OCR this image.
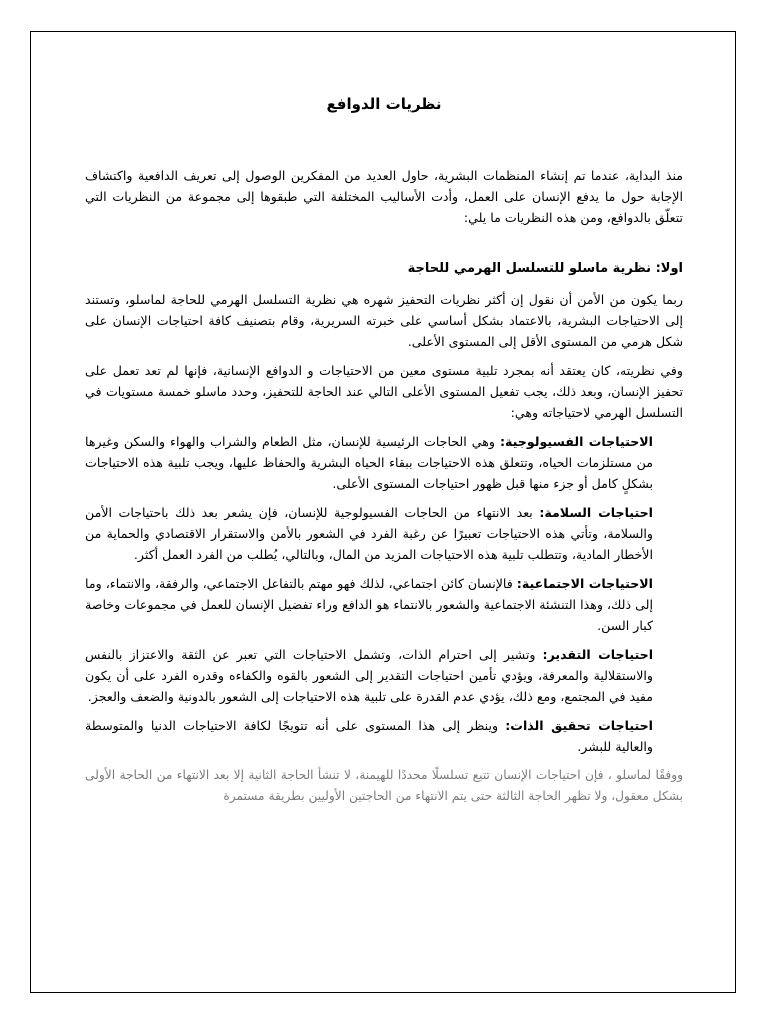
نظريات الدوافع

منذ البداية، عندما تم إنشاء المنظمات البشرية، حاول العديد من المفكرين الوصول إلى تعريف الدافعية واكتشاف الإجابة حول ما يدفع الإنسان على العمل، وأدت الأساليب المختلفة التي طبقوها إلى مجموعة من النظريات التي تتعلّق بالدوافع، ومن هذه النظريات ما يلي:

اولا: نظرية ماسلو للتسلسل الهرمي للحاجة

ربما يكون من الأمن أن نقول إن أكثر نظريات التحفيز شهره هي نظرية التسلسل الهرمي للحاجة لماسلو، وتستند إلى الاحتياجات البشرية، بالاعتماد بشكل أساسي على خبرته السريرية، وقام بتصنيف كافة احتياجات الإنسان على شكل هرمي من المستوى الأقل إلى المستوى الأعلى.

وفي نظريته، كان يعتقد أنه بمجرد تلبية مستوى معين من الاحتياجات و الدوافع الإنسانية، فإنها لم تعد تعمل على تحفيز الإنسان، وبعد ذلك، يجب تفعيل المستوى الأعلى التالي عند الحاجة للتحفيز، وحدد ماسلو خمسة مستويات في التسلسل الهرمي لاحتياجاته وهي:

الاحتياجات الفسيولوجية: وهي الحاجات الرئيسية للإنسان، مثل الطعام والشراب والهواء والسكن وغيرها من مستلزمات الحياه، وتتعلق هذه الاحتياجات ببقاء الحياه البشرية والحفاظ عليها، ويجب تلبية هذه الاحتياجات بشكلٍ كامل أو جزء منها قبل ظهور احتياجات المستوى الأعلى.

احتياجات السلامة: بعد الانتهاء من الحاجات الفسيولوجية للإنسان، فإن يشعر بعد ذلك باحتياجات الأمن والسلامة، وتأتي هذه الاحتياجات تعبيرًا عن رغبة الفرد في الشعور بالأمن والاستقرار الاقتصادي والحماية من الأخطار المادية، وتتطلب تلبية هذه الاحتياجات المزيد من المال، وبالتالي، يُطلب من الفرد العمل أكثر.

الاحتياجات الاجتماعية: فالإنسان كائن اجتماعي، لذلك فهو مهتم بالتفاعل الاجتماعي، والرفقة، والانتماء، وما إلى ذلك، وهذا التنشئة الاجتماعية والشعور بالانتماء هو الدافع وراء تفضيل الإنسان للعمل في مجموعات وخاصة كبار السن.

احتياجات التقدير: وتشير إلى احترام الذات، وتشمل الاحتياجات التي تعبر عن الثقة والاعتزاز بالنفس والاستقلالية والمعرفة، ويؤدي تأمين احتياجات التقدير إلى الشعور بالقوه والكفاءه وقدره الفرد على أن يكون مفيد في المجتمع، ومع ذلك، يؤدي عدم القدرة على تلبية هذه الاحتياجات إلى الشعور بالدونية والضعف والعجز.

احتياجات تحقيق الذات: وينظر إلى هذا المستوى على أنه تتويجًا لكافة الاحتياجات الدنيا والمتوسطة والعالية للبشر.

ووفقًا لماسلو ، فإن احتياجات الإنسان تتبع تسلسلًا محددًا للهيمنة، لا تنشأ الحاجة الثانية إلا بعد الانتهاء من الحاجة الأولى بشكل معقول، ولا تظهر الحاجة الثالثة حتى يتم الانتهاء من الحاجتين الأوليين بطريقة مستمرة
